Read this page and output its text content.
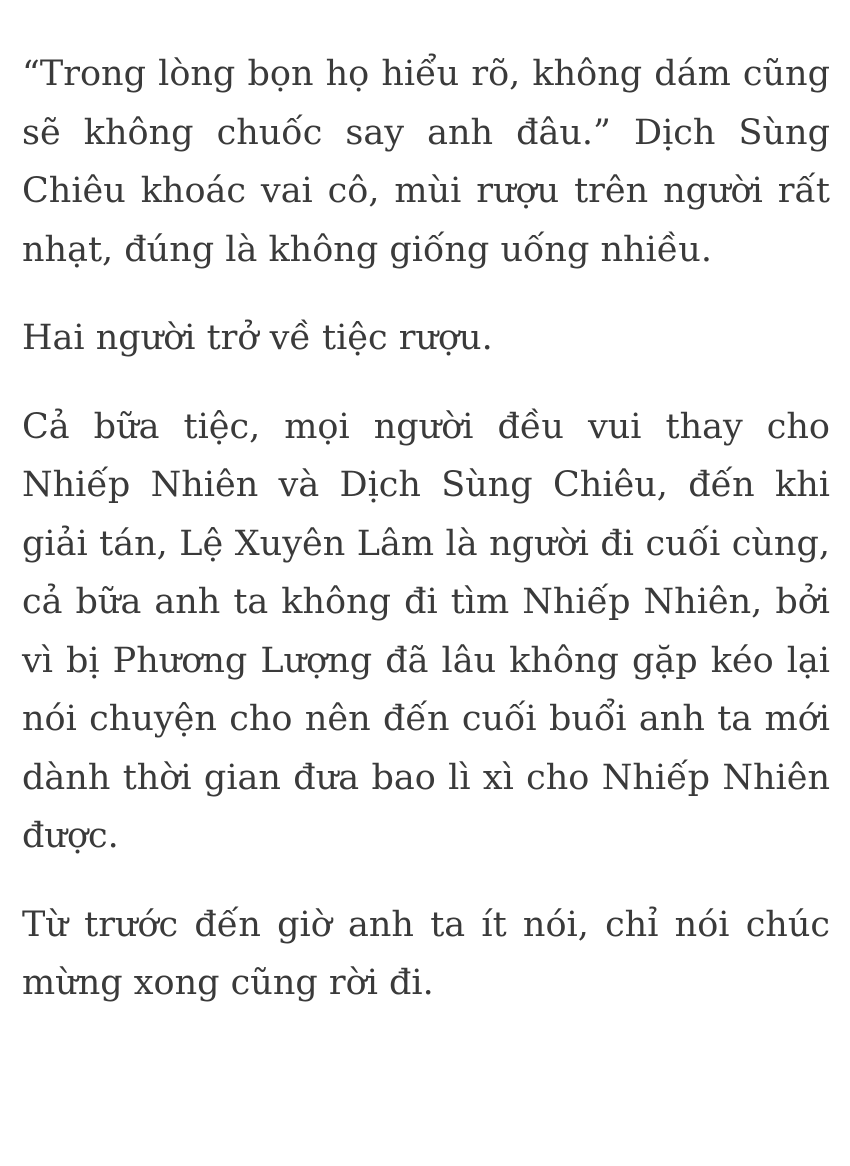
“Trong lòng bọn họ hiểu rõ, không dám cũng sẽ không chuốc say anh đâu.” Dịch Sùng Chiêu khoác vai cô, mùi rượu trên người rất nhạt, đúng là không giống uống nhiều.

Hai người trở về tiệc rượu.

Cả bữa tiệc, mọi người đều vui thay cho Nhiếp Nhiên và Dịch Sùng Chiêu, đến khi giải tán, Lệ Xuyên Lâm là người đi cuối cùng, cả bữa anh ta không đi tìm Nhiếp Nhiên, bởi vì bị Phương Lượng đã lâu không gặp kéo lại nói chuyện cho nên đến cuối buổi anh ta mới dành thời gian đưa bao lì xì cho Nhiếp Nhiên được.

Từ trước đến giờ anh ta ít nói, chỉ nói chúc mừng xong cũng rời đi.
